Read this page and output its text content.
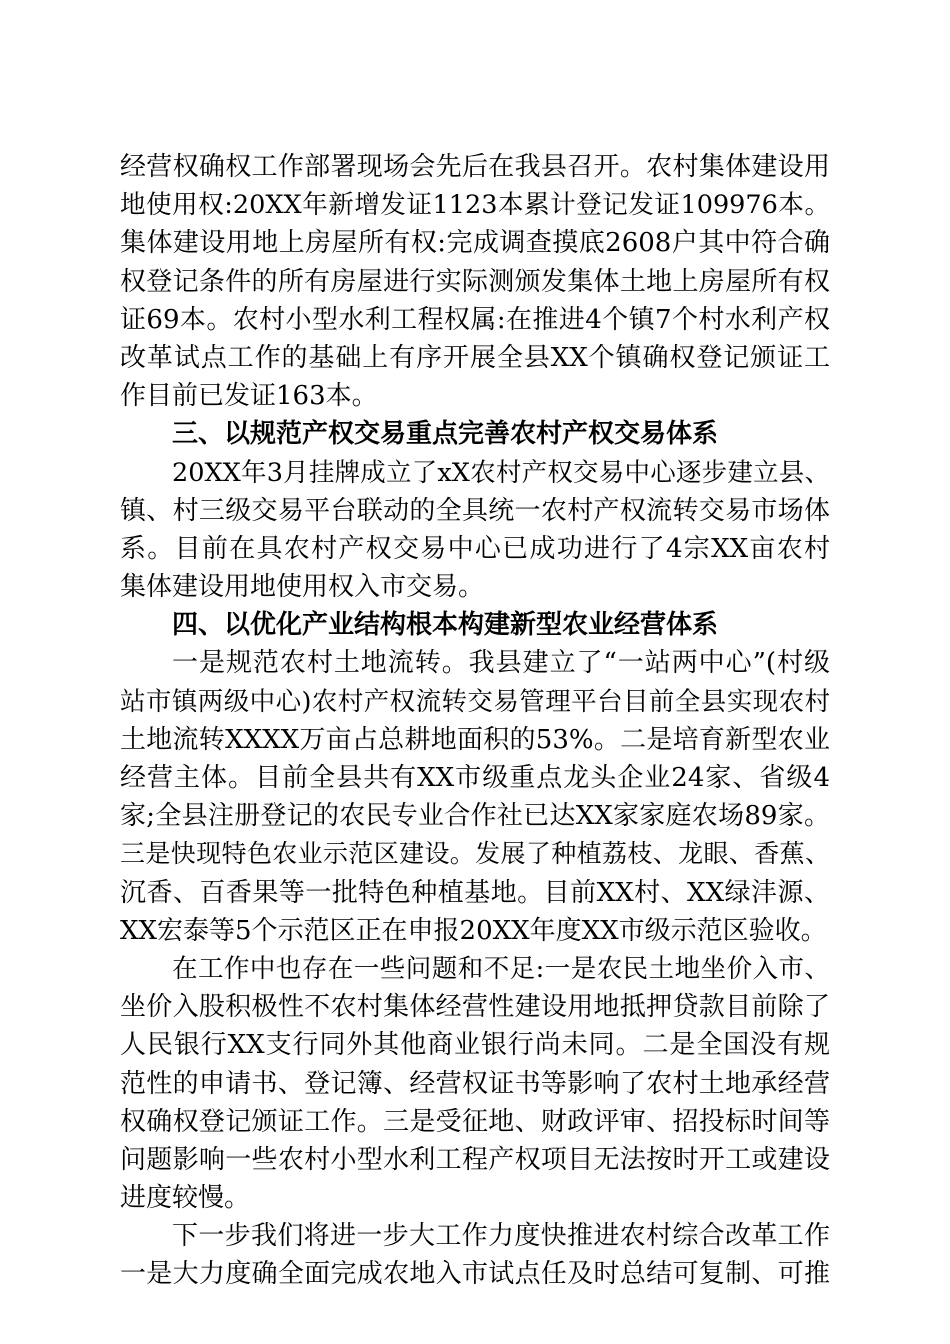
经营权确权工作部署现场会先后在我县召开。农村集体建设用
地使用权:20XX年新增发证1123本累计登记发证109976本。
集体建设用地上房屋所有权:完成调查摸底2608户其中符合确
权登记条件的所有房屋进行实际测颁发集体土地上房屋所有权
证69本。农村小型水利工程权属:在推进4个镇7个村水利产权
改革试点工作的基础上有序开展全县XX个镇确权登记颁证工
作目前已发证163本。
三、以规范产权交易重点完善农村产权交易体系
20XX年3月挂牌成立了xX农村产权交易中心逐步建立县、
镇、村三级交易平台联动的全具统一农村产权流转交易市场体
系。目前在具农村产权交易中心已成功进行了4宗XX亩农村
集体建设用地使用权入市交易。
四、以优化产业结构根本构建新型农业经营体系
一是规范农村土地流转。我县建立了“一站两中心”(村级
站市镇两级中心)农村产权流转交易管理平台目前全县实现农村
土地流转XXXX万亩占总耕地面积的53%。二是培育新型农业
经营主体。目前全县共有XX市级重点龙头企业24家、省级4
家;全县注册登记的农民专业合作社已达XX家家庭农场89家。
三是快现特色农业示范区建设。发展了种植荔枝、龙眼、香蕉、
沉香、百香果等一批特色种植基地。目前XX村、XX绿沣源、
XX宏泰等5个示范区正在申报20XX年度XX市级示范区验收。
在工作中也存在一些问题和不足:一是农民土地坐价入市、
坐价入股积极性不农村集体经营性建设用地抵押贷款目前除了
人民银行XX支行同外其他商业银行尚未同。二是全国没有规
范性的申请书、登记簿、经营权证书等影响了农村土地承经营
权确权登记颁证工作。三是受征地、财政评审、招投标时间等
问题影响一些农村小型水利工程产权项目无法按时开工或建设
进度较慢。
下一步我们将进一步大工作力度快推进农村综合改革工作
一是大力度确全面完成农地入市试点任及时总结可复制、可推
